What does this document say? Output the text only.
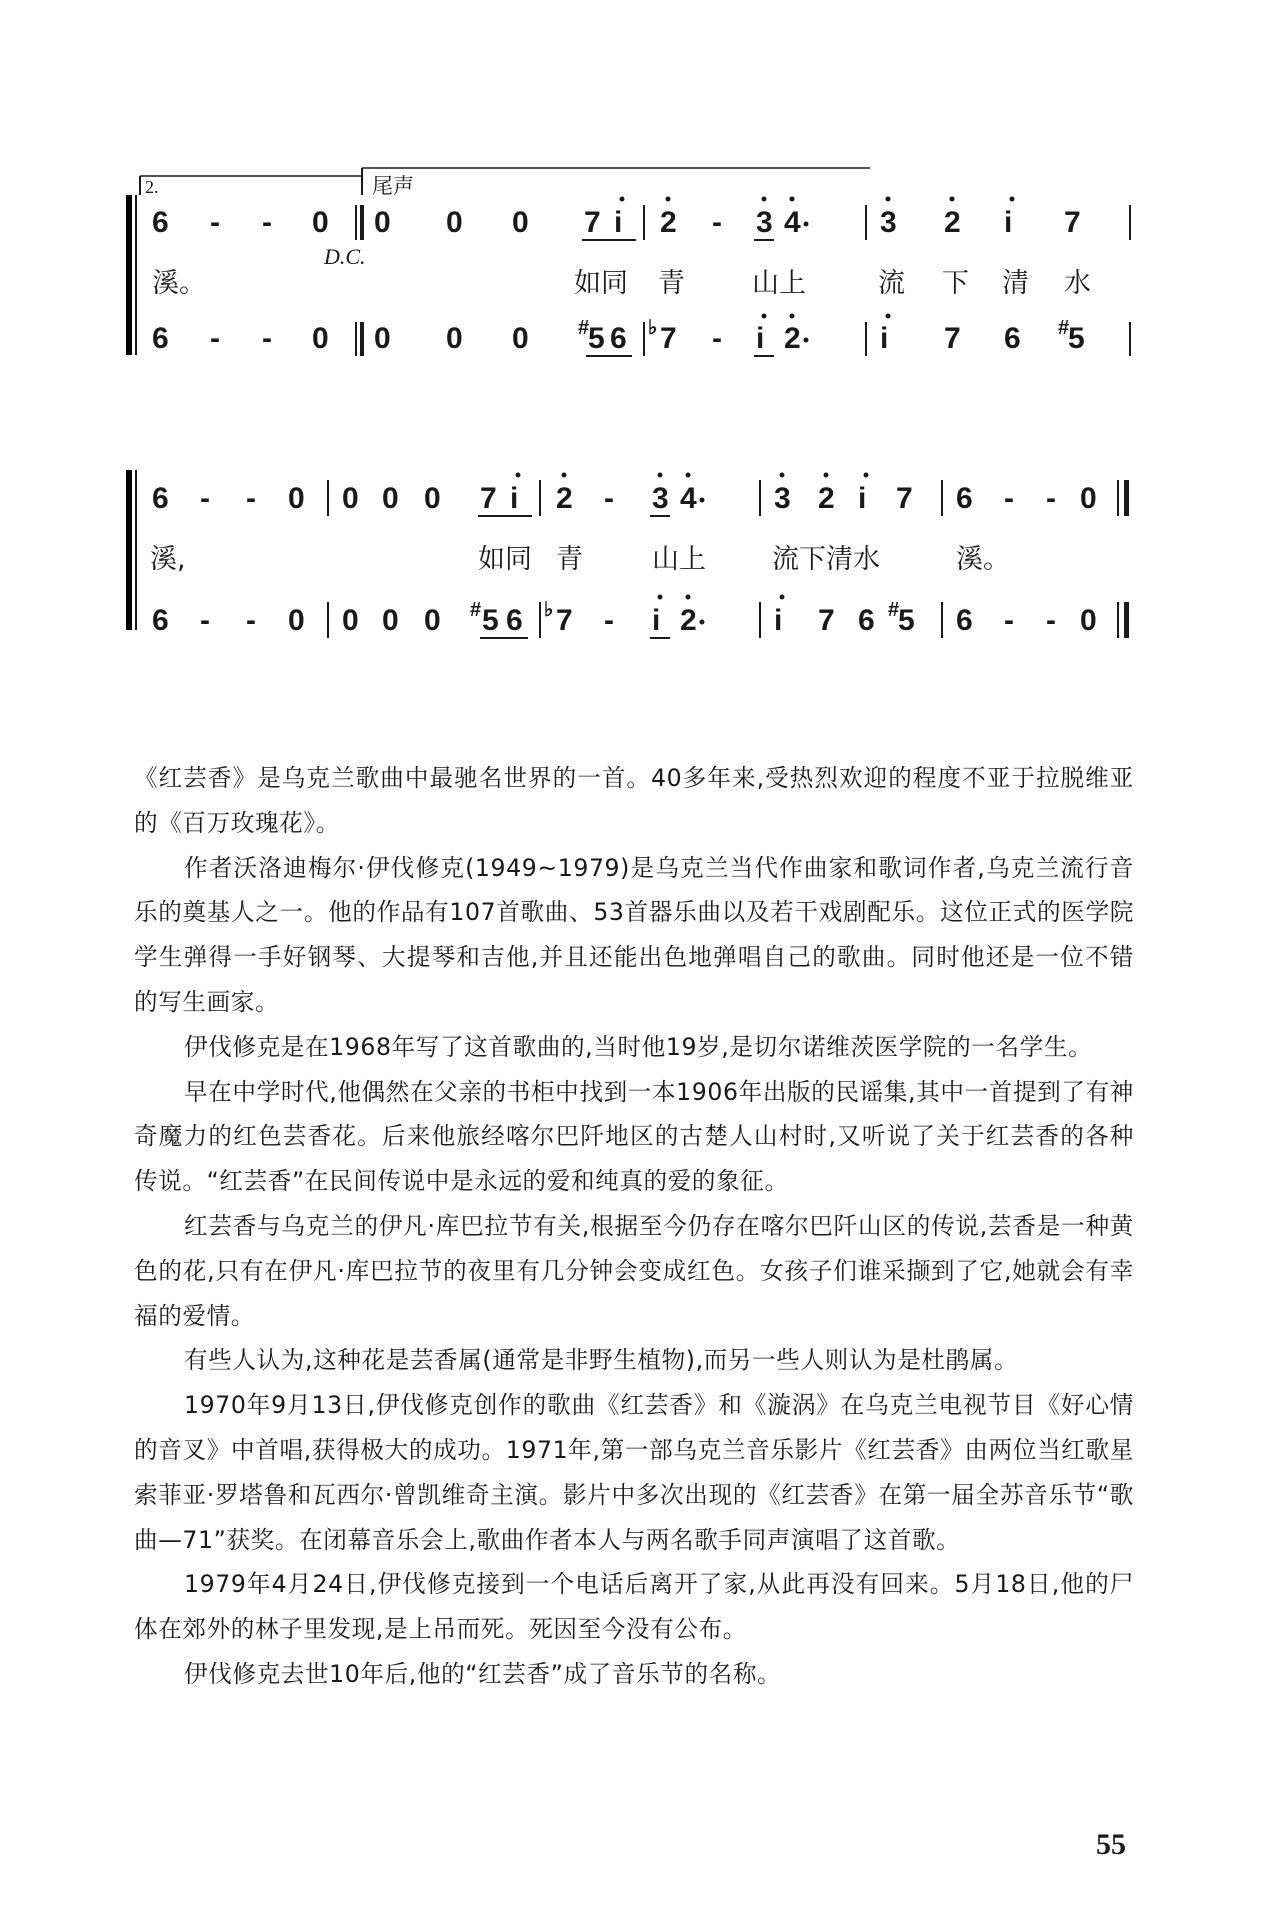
2.	尾声
6 - - 0 0 0 0 7 i 2 - 3 4	3 2 i 7
D.C.
溪。	如同 青 山上	流 下 清 水
6 - - 0 0 0 0 #
5 6 ♭ 7 - i 2	i 7 6 #
5
6 - - 0 0 0 0 7 i 2 - 3 4	3 2 i 7 6 - - 0
溪,	如同 青	山上 流下清水	溪。
6 - - 0 0 0 0 # 5 6 ♭ 7 - i 2	i 7 6 #
5 6 - - 0

《红芸香》是乌克兰歌曲中最驰名世界的一首。40多年来,受热烈欢迎的程度不亚于拉脱维亚的《百万玫瑰花》。

作者沃洛迪梅尔·伊伐修克(1949~1979)是乌克兰当代作曲家和歌词作者,乌克兰流行音乐的奠基人之一。他的作品有107首歌曲、53首器乐曲以及若干戏剧配乐。这位正式的医学院学生弹得一手好钢琴、大提琴和吉他,并且还能出色地弹唱自己的歌曲。同时他还是一位不错的写生画家。

伊伐修克是在1968年写了这首歌曲的,当时他19岁,是切尔诺维茨医学院的一名学生。

早在中学时代,他偶然在父亲的书柜中找到一本1906年出版的民谣集,其中一首提到了有神奇魔力的红色芸香花。后来他旅经喀尔巴阡地区的古楚人山村时,又听说了关于红芸香的各种传说。“红芸香”在民间传说中是永远的爱和纯真的爱的象征。

红芸香与乌克兰的伊凡·库巴拉节有关,根据至今仍存在喀尔巴阡山区的传说,芸香是一种黄色的花,只有在伊凡·库巴拉节的夜里有几分钟会变成红色。女孩子们谁采撷到了它,她就会有幸福的爱情。

有些人认为,这种花是芸香属(通常是非野生植物),而另一些人则认为是杜鹃属。

1970年9月13日,伊伐修克创作的歌曲《红芸香》和《漩涡》在乌克兰电视节目《好心情的音叉》中首唱,获得极大的成功。1971年,第一部乌克兰音乐影片《红芸香》由两位当红歌星索菲亚·罗塔鲁和瓦西尔·曾凯维奇主演。影片中多次出现的《红芸香》在第一届全苏音乐节“歌曲—71”获奖。在闭幕音乐会上,歌曲作者本人与两名歌手同声演唱了这首歌。

1979年4月24日,伊伐修克接到一个电话后离开了家,从此再没有回来。5月18日,他的尸体在郊外的林子里发现,是上吊而死。死因至今没有公布。

伊伐修克去世10年后,他的“红芸香”成了音乐节的名称。

55
